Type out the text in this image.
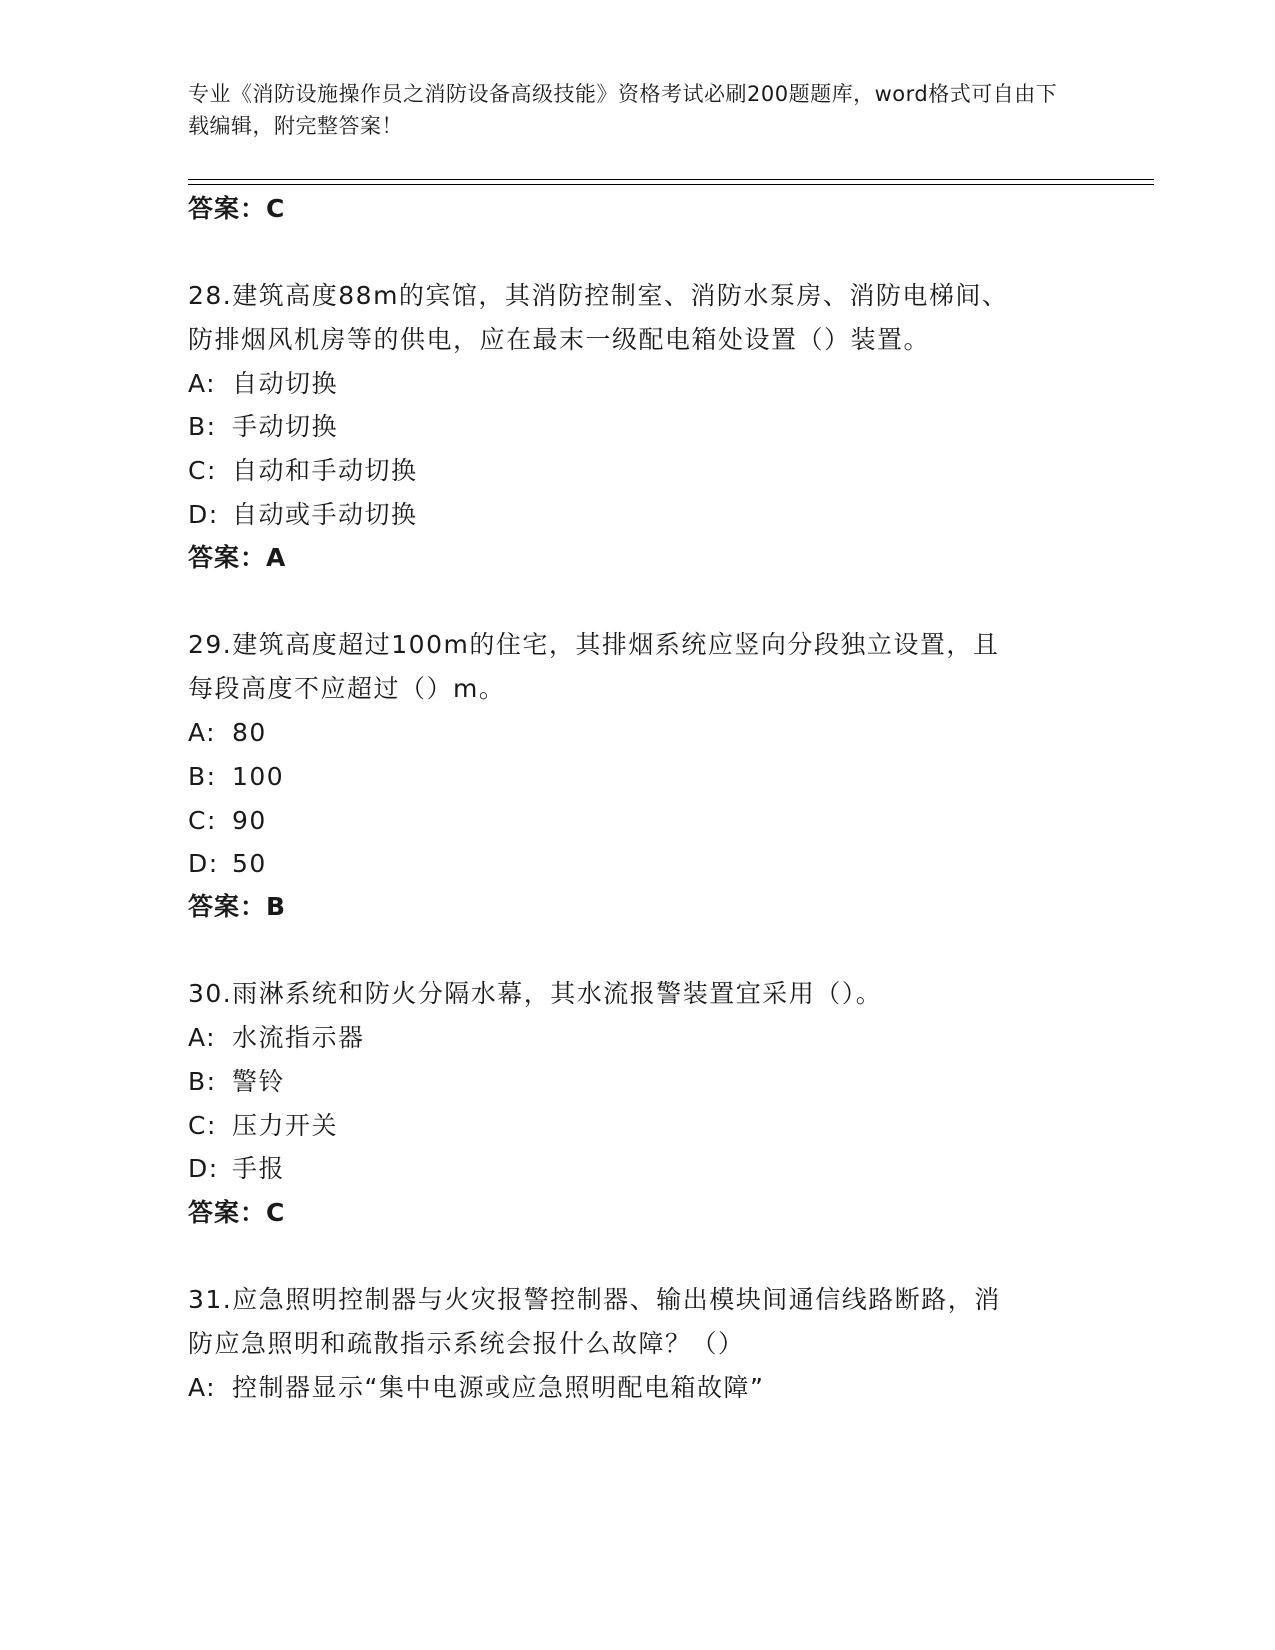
专业《消防设施操作员之消防设备高级技能》资格考试必刷200题题库，word格式可自由下载编辑，附完整答案！
答案：C
28.建筑高度88m的宾馆，其消防控制室、消防水泵房、消防电梯间、
防排烟风机房等的供电，应在最末一级配电箱处设置（）装置。
A: 自动切换
B: 手动切换
C: 自动和手动切换
D: 自动或手动切换
答案：A
29.建筑高度超过100m的住宅，其排烟系统应竖向分段独立设置，且
每段高度不应超过（）m。
A: 80
B: 100
C: 90
D: 50
答案：B
30.雨淋系统和防火分隔水幕，其水流报警装置宜采用（）。
A: 水流指示器
B: 警铃
C: 压力开关
D: 手报
答案：C
31.应急照明控制器与火灾报警控制器、输出模块间通信线路断路，消
防应急照明和疏散指示系统会报什么故障？（）
A: 控制器显示“集中电源或应急照明配电箱故障”
